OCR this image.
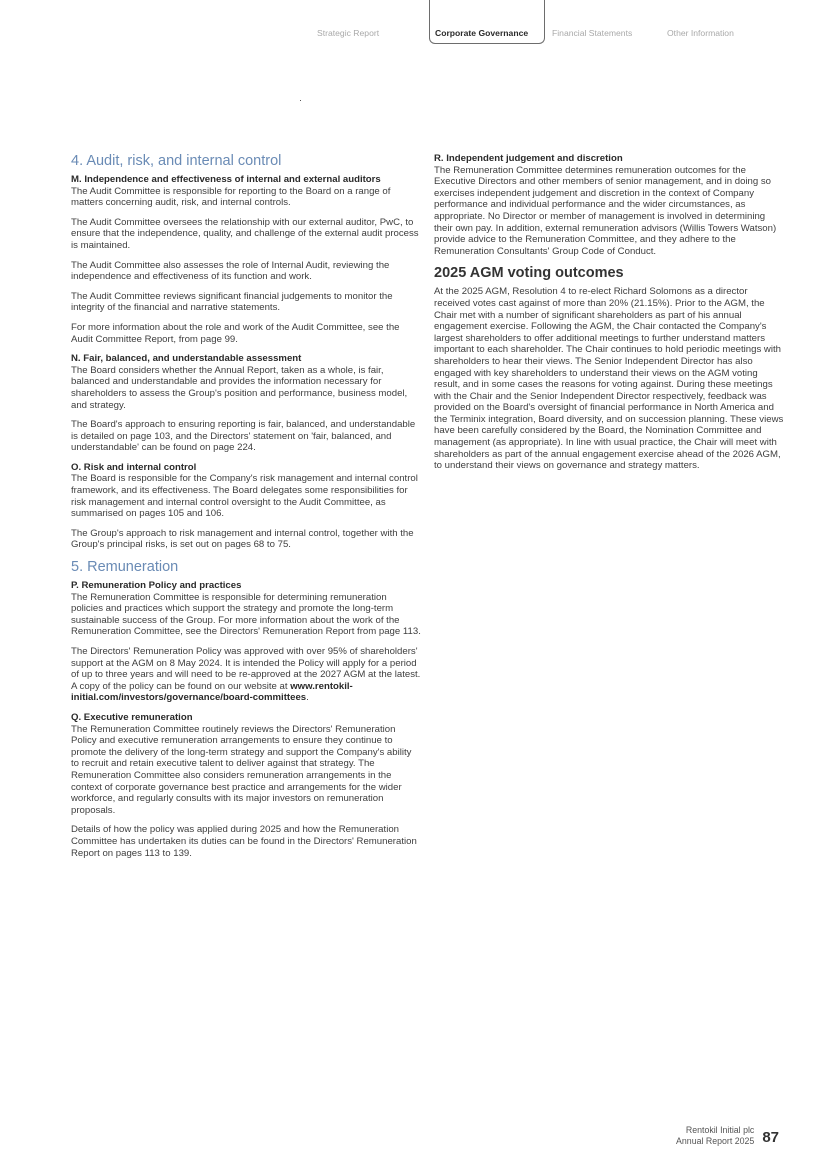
Strategic Report	Corporate Governance	Financial Statements	Other Information
4. Audit, risk, and internal control

M. Independence and effectiveness of internal and external auditors

The Audit Committee is responsible for reporting to the Board on a range of matters concerning audit, risk, and internal controls.

The Audit Committee oversees the relationship with our external auditor, PwC, to ensure that the independence, quality, and challenge of the external audit process is maintained.

The Audit Committee also assesses the role of Internal Audit, reviewing the independence and effectiveness of its function and work.

The Audit Committee reviews significant financial judgements to monitor the integrity of the financial and narrative statements.

For more information about the role and work of the Audit Committee, see the Audit Committee Report, from page 99.

N. Fair, balanced, and understandable assessment

The Board considers whether the Annual Report, taken as a whole, is fair, balanced and understandable and provides the information necessary for shareholders to assess the Group's position and performance, business model, and strategy.

The Board's approach to ensuring reporting is fair, balanced, and understandable is detailed on page 103, and the Directors' statement on 'fair, balanced, and understandable' can be found on page 224.

O. Risk and internal control

The Board is responsible for the Company's risk management and internal control framework, and its effectiveness. The Board delegates some responsibilities for risk management and internal control oversight to the Audit Committee, as summarised on pages 105 and 106.

The Group's approach to risk management and internal control, together with the Group's principal risks, is set out on pages 68 to 75.

5. Remuneration

P. Remuneration Policy and practices

The Remuneration Committee is responsible for determining remuneration policies and practices which support the strategy and promote the long-term sustainable success of the Group. For more information about the work of the Remuneration Committee, see the Directors' Remuneration Report from page 113.

The Directors' Remuneration Policy was approved with over 95% of shareholders' support at the AGM on 8 May 2024. It is intended the Policy will apply for a period of up to three years and will need to be re-approved at the 2027 AGM at the latest. A copy of the policy can be found on our website at www.rentokil-initial.com/investors/governance/board-committees.

Q. Executive remuneration

The Remuneration Committee routinely reviews the Directors' Remuneration Policy and executive remuneration arrangements to ensure they continue to promote the delivery of the long-term strategy and support the Company's ability to recruit and retain executive talent to deliver against that strategy. The Remuneration Committee also considers remuneration arrangements in the context of corporate governance best practice and arrangements for the wider workforce, and regularly consults with its major investors on remuneration proposals.

Details of how the policy was applied during 2025 and how the Remuneration Committee has undertaken its duties can be found in the Directors' Remuneration Report on pages 113 to 139.

R. Independent judgement and discretion

The Remuneration Committee determines remuneration outcomes for the Executive Directors and other members of senior management, and in doing so exercises independent judgement and discretion in the context of Company performance and individual performance and the wider circumstances, as appropriate. No Director or member of management is involved in determining their own pay. In addition, external remuneration advisors (Willis Towers Watson) provide advice to the Remuneration Committee, and they adhere to the Remuneration Consultants' Group Code of Conduct.

2025 AGM voting outcomes

At the 2025 AGM, Resolution 4 to re-elect Richard Solomons as a director received votes cast against of more than 20% (21.15%). Prior to the AGM, the Chair met with a number of significant shareholders as part of his annual engagement exercise. Following the AGM, the Chair contacted the Company's largest shareholders to offer additional meetings to further understand matters important to each shareholder. The Chair continues to hold periodic meetings with shareholders to hear their views. The Senior Independent Director has also engaged with key shareholders to understand their views on the AGM voting result, and in some cases the reasons for voting against. During these meetings with the Chair and the Senior Independent Director respectively, feedback was provided on the Board's oversight of financial performance in North America and the Terminix integration, Board diversity, and on succession planning. These views have been carefully considered by the Board, the Nomination Committee and management (as appropriate). In line with usual practice, the Chair will meet with shareholders as part of the annual engagement exercise ahead of the 2026 AGM, to understand their views on governance and strategy matters.

Rentokil Initial plc
Annual Report 2025 87
